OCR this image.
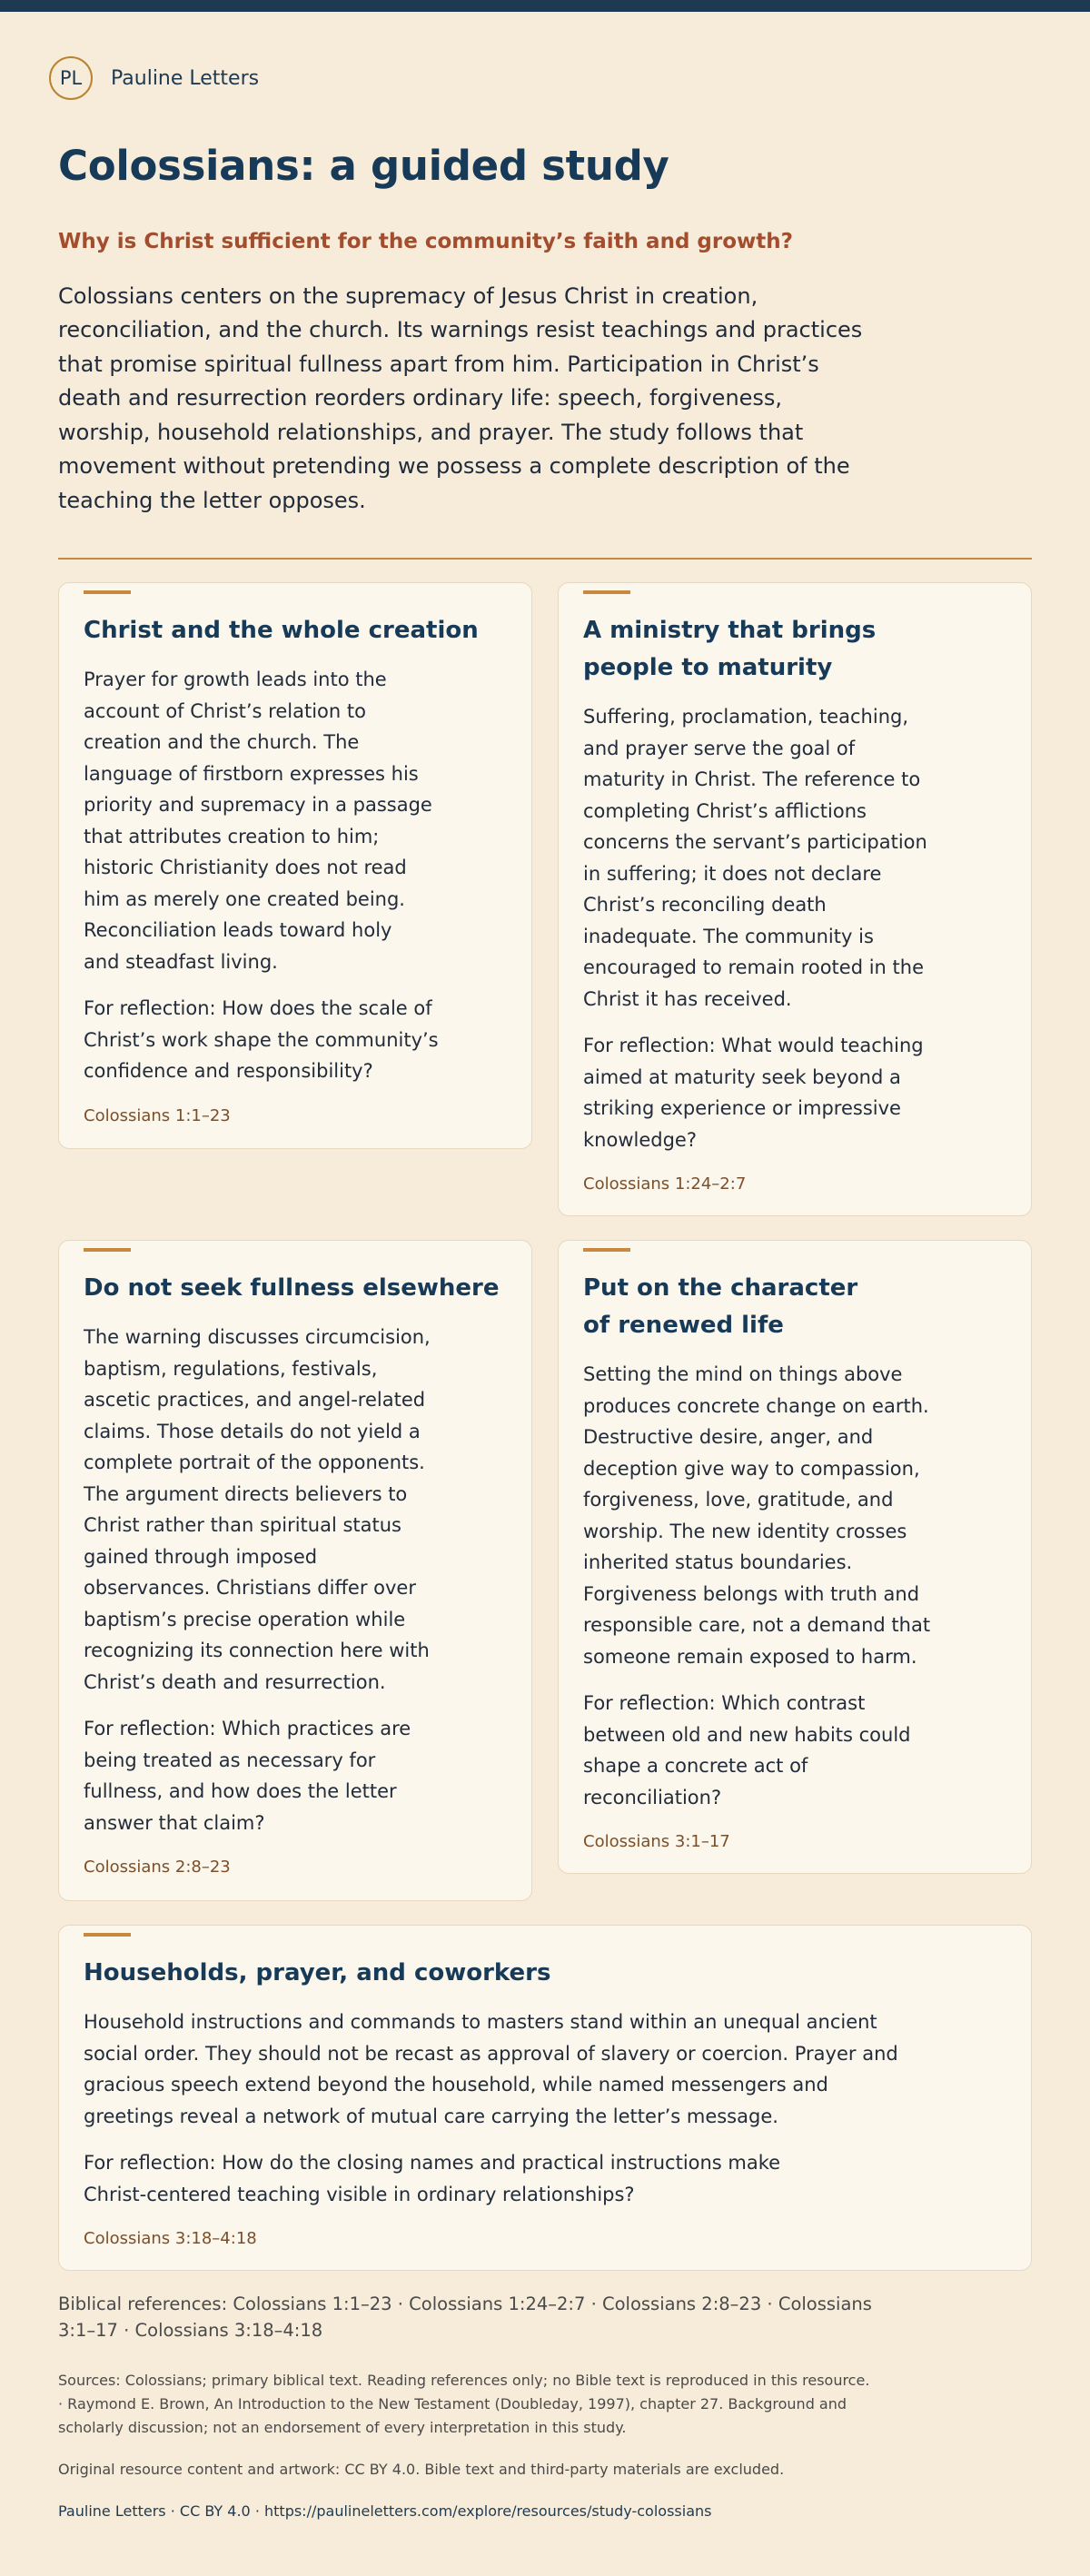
PL	Pauline Letters
Colossians: a guided study
Why is Christ sufficient for the community’s faith and growth?

Colossians centers on the supremacy of Jesus Christ in creation, reconciliation, and the church. Its warnings resist teachings and practices that promise spiritual fullness apart from him. Participation in Christ’s death and resurrection reorders ordinary life: speech, forgiveness, worship, household relationships, and prayer. The study follows that movement without pretending we possess a complete description of the teaching the letter opposes.

Christ and the whole creation

Prayer for growth leads into the account of Christ’s relation to creation and the church. The language of firstborn expresses his priority and supremacy in a passage that attributes creation to him; historic Christianity does not read him as merely one created being. Reconciliation leads toward holy and steadfast living.

For reflection: How does the scale of Christ’s work shape the community’s confidence and responsibility?

Colossians 1:1–23

A ministry that brings people to maturity

Suffering, proclamation, teaching, and prayer serve the goal of maturity in Christ. The reference to completing Christ’s afflictions concerns the servant’s participation in suffering; it does not declare Christ’s reconciling death inadequate. The community is encouraged to remain rooted in the Christ it has received.

For reflection: What would teaching aimed at maturity seek beyond a striking experience or impressive knowledge?

Colossians 1:24–2:7

Do not seek fullness elsewhere

The warning discusses circumcision, baptism, regulations, festivals, ascetic practices, and angel-related claims. Those details do not yield a complete portrait of the opponents. The argument directs believers to Christ rather than spiritual status gained through imposed observances. Christians differ over baptism’s precise operation while recognizing its connection here with Christ’s death and resurrection.

For reflection: Which practices are being treated as necessary for fullness, and how does the letter answer that claim?

Colossians 2:8–23

Put on the character of renewed life

Setting the mind on things above produces concrete change on earth. Destructive desire, anger, and deception give way to compassion, forgiveness, love, gratitude, and worship. The new identity crosses inherited status boundaries. Forgiveness belongs with truth and responsible care, not a demand that someone remain exposed to harm.

For reflection: Which contrast between old and new habits could shape a concrete act of reconciliation?

Colossians 3:1–17

Households, prayer, and coworkers

Household instructions and commands to masters stand within an unequal ancient social order. They should not be recast as approval of slavery or coercion. Prayer and gracious speech extend beyond the household, while named messengers and greetings reveal a network of mutual care carrying the letter’s message.

For reflection: How do the closing names and practical instructions make Christ-centered teaching visible in ordinary relationships?

Colossians 3:18–4:18

Biblical references: Colossians 1:1–23 · Colossians 1:24–2:7 · Colossians 2:8–23 · Colossians 3:1–17 · Colossians 3:18–4:18
Sources: Colossians; primary biblical text. Reading references only; no Bible text is reproduced in this resource. · Raymond E. Brown, An Introduction to the New Testament (Doubleday, 1997), chapter 27. Background and scholarly discussion; not an endorsement of every interpretation in this study.
Original resource content and artwork: CC BY 4.0. Bible text and third-party materials are excluded.
Pauline Letters · CC BY 4.0 · https://paulineletters.com/explore/resources/study-colossians
